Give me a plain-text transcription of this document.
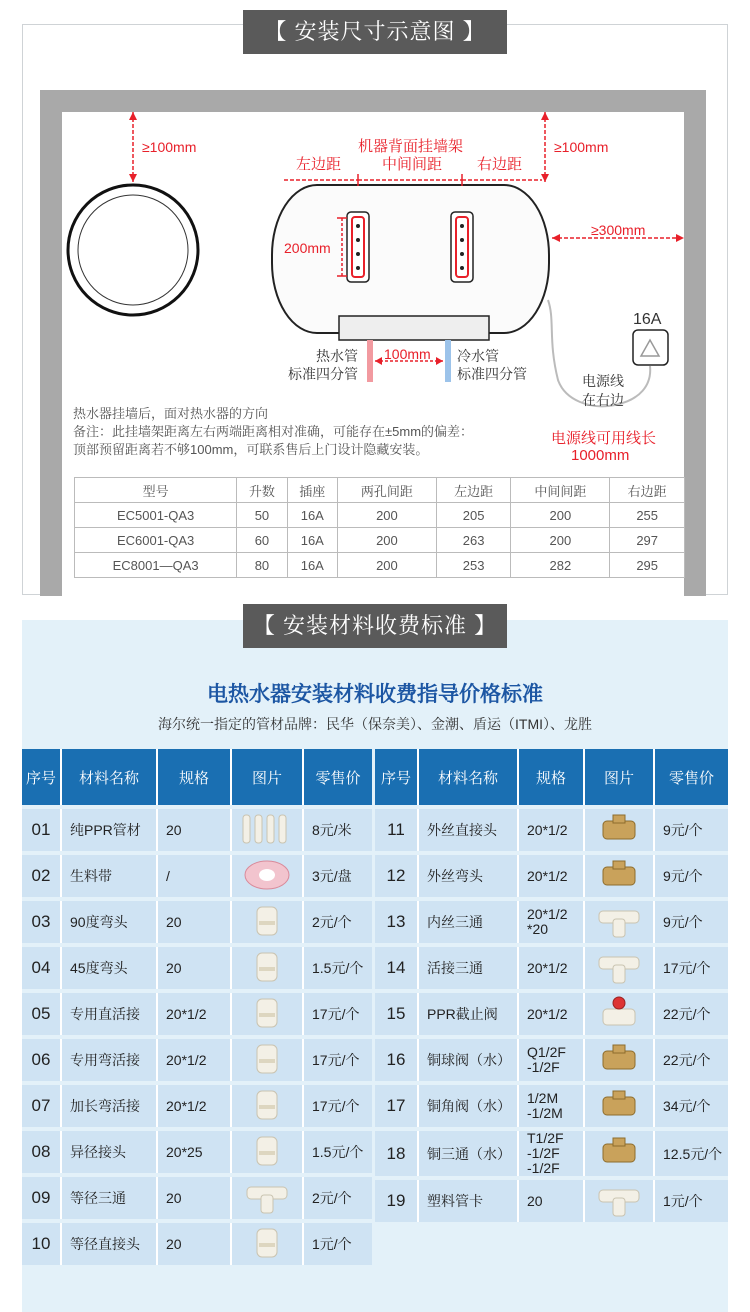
【 安装尺寸示意图 】
≥100mm	机器背面挂墙架
中间间距
左边距	右边距
≥100mm
≥300mm
200mm
热水管
标准四分管
100mm 冷水管
标准四分管
16A
电源线
在右边
电源线可用线长
1000mm
热水器挂墙后，面对热水器的方向
备注：此挂墙架距离左右两端距离相对准确，可能存在±5mm的偏差：
顶部预留距离若不够100mm，可联系售后上门设计隐藏安装。
型号	升数	插座	两孔间距	左边距	中间间距	右边距
EC5001-QA3	50	16A	200	205	200	255
EC6001-QA3	60	16A	200	263	200	297
EC8001—QA3	80	16A	200	253	282	295
【 安装材料收费标准 】
电热水器安装材料收费指导价格标准
海尔统一指定的管材品牌：民华（保奈美）、金潮、盾运（ITMI）、龙胜
序号	材料名称	规格	图片	零售价
01	纯PPR管材	20		8元/米
02	生料带	/		3元/盘
03	90度弯头	20		2元/个
04	45度弯头	20		1.5元/个
05	专用直活接	20*1/2		17元/个
06	专用弯活接	20*1/2		17元/个
07	加长弯活接	20*1/2		17元/个
08	异径接头	20*25		1.5元/个
09	等径三通	20		2元/个
10	等径直接头	20		1元/个
序号	材料名称	规格	图片	零售价
11	外丝直接头	20*1/2		9元/个
12	外丝弯头	20*1/2		9元/个
13	内丝三通	20*1/2 *20		9元/个
14	活接三通	20*1/2		17元/个
15	PPR截止阀	20*1/2		22元/个
16	铜球阀（水）	Q1/2F -1/2F		22元/个
17	铜角阀（水）	1/2M -1/2M		34元/个
18	铜三通（水）	T1/2F -1/2F -1/2F		12.5元/个
19	塑料管卡	20		1元/个
